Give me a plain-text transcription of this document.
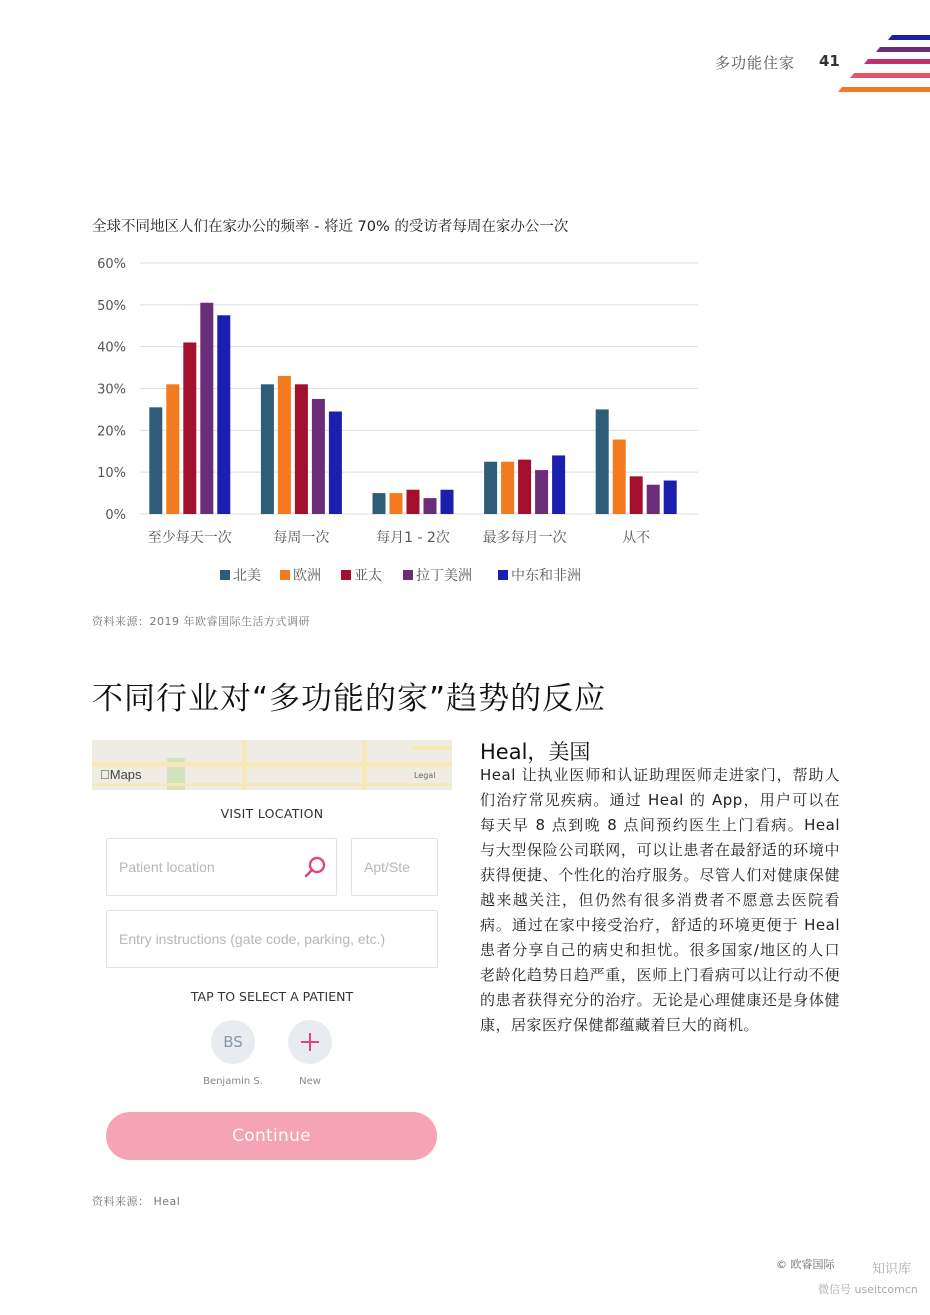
多功能住家 41
全球不同地区人们在家办公的频率 - 将近 70% 的受访者每周在家办公一次
0%
10%
20%
30%
40%
50%
60%
至少每天一次	每周一次	每月1 - 2次 最多每月一次	从不
北美 欧洲 亚太 拉丁美洲	中东和非洲
资料来源：2019 年欧睿国际生活方式调研
不同行业对“多功能的家”趋势的反应
Maps	Legal
VISIT LOCATION
Patient location	Apt/Ste
Entry instructions (gate code, parking, etc.)
TAP TO SELECT A PATIENT
BS
Benjamin S.	New
Continue
资料来源： Heal
Heal，美国
Heal 让执业医师和认证助理医师走进家门，帮助人们治疗常见疾病。通过 Heal 的 App，用户可以在每天早 8 点到晚 8 点间预约医生上门看病。Heal 与大型保险公司联网，可以让患者在最舒适的环境中获得便捷、个性化的治疗服务。尽管人们对健康保健越来越关注，但仍然有很多消费者不愿意去医院看病。通过在家中接受治疗，舒适的环境更便于 Heal 患者分享自己的病史和担忧。很多国家/地区的人口老龄化趋势日趋严重，医师上门看病可以让行动不便的患者获得充分的治疗。无论是心理健康还是身体健康，居家医疗保健都蕴藏着巨大的商机。
© 欧睿国际	知识库
微信号 useitcomcn
